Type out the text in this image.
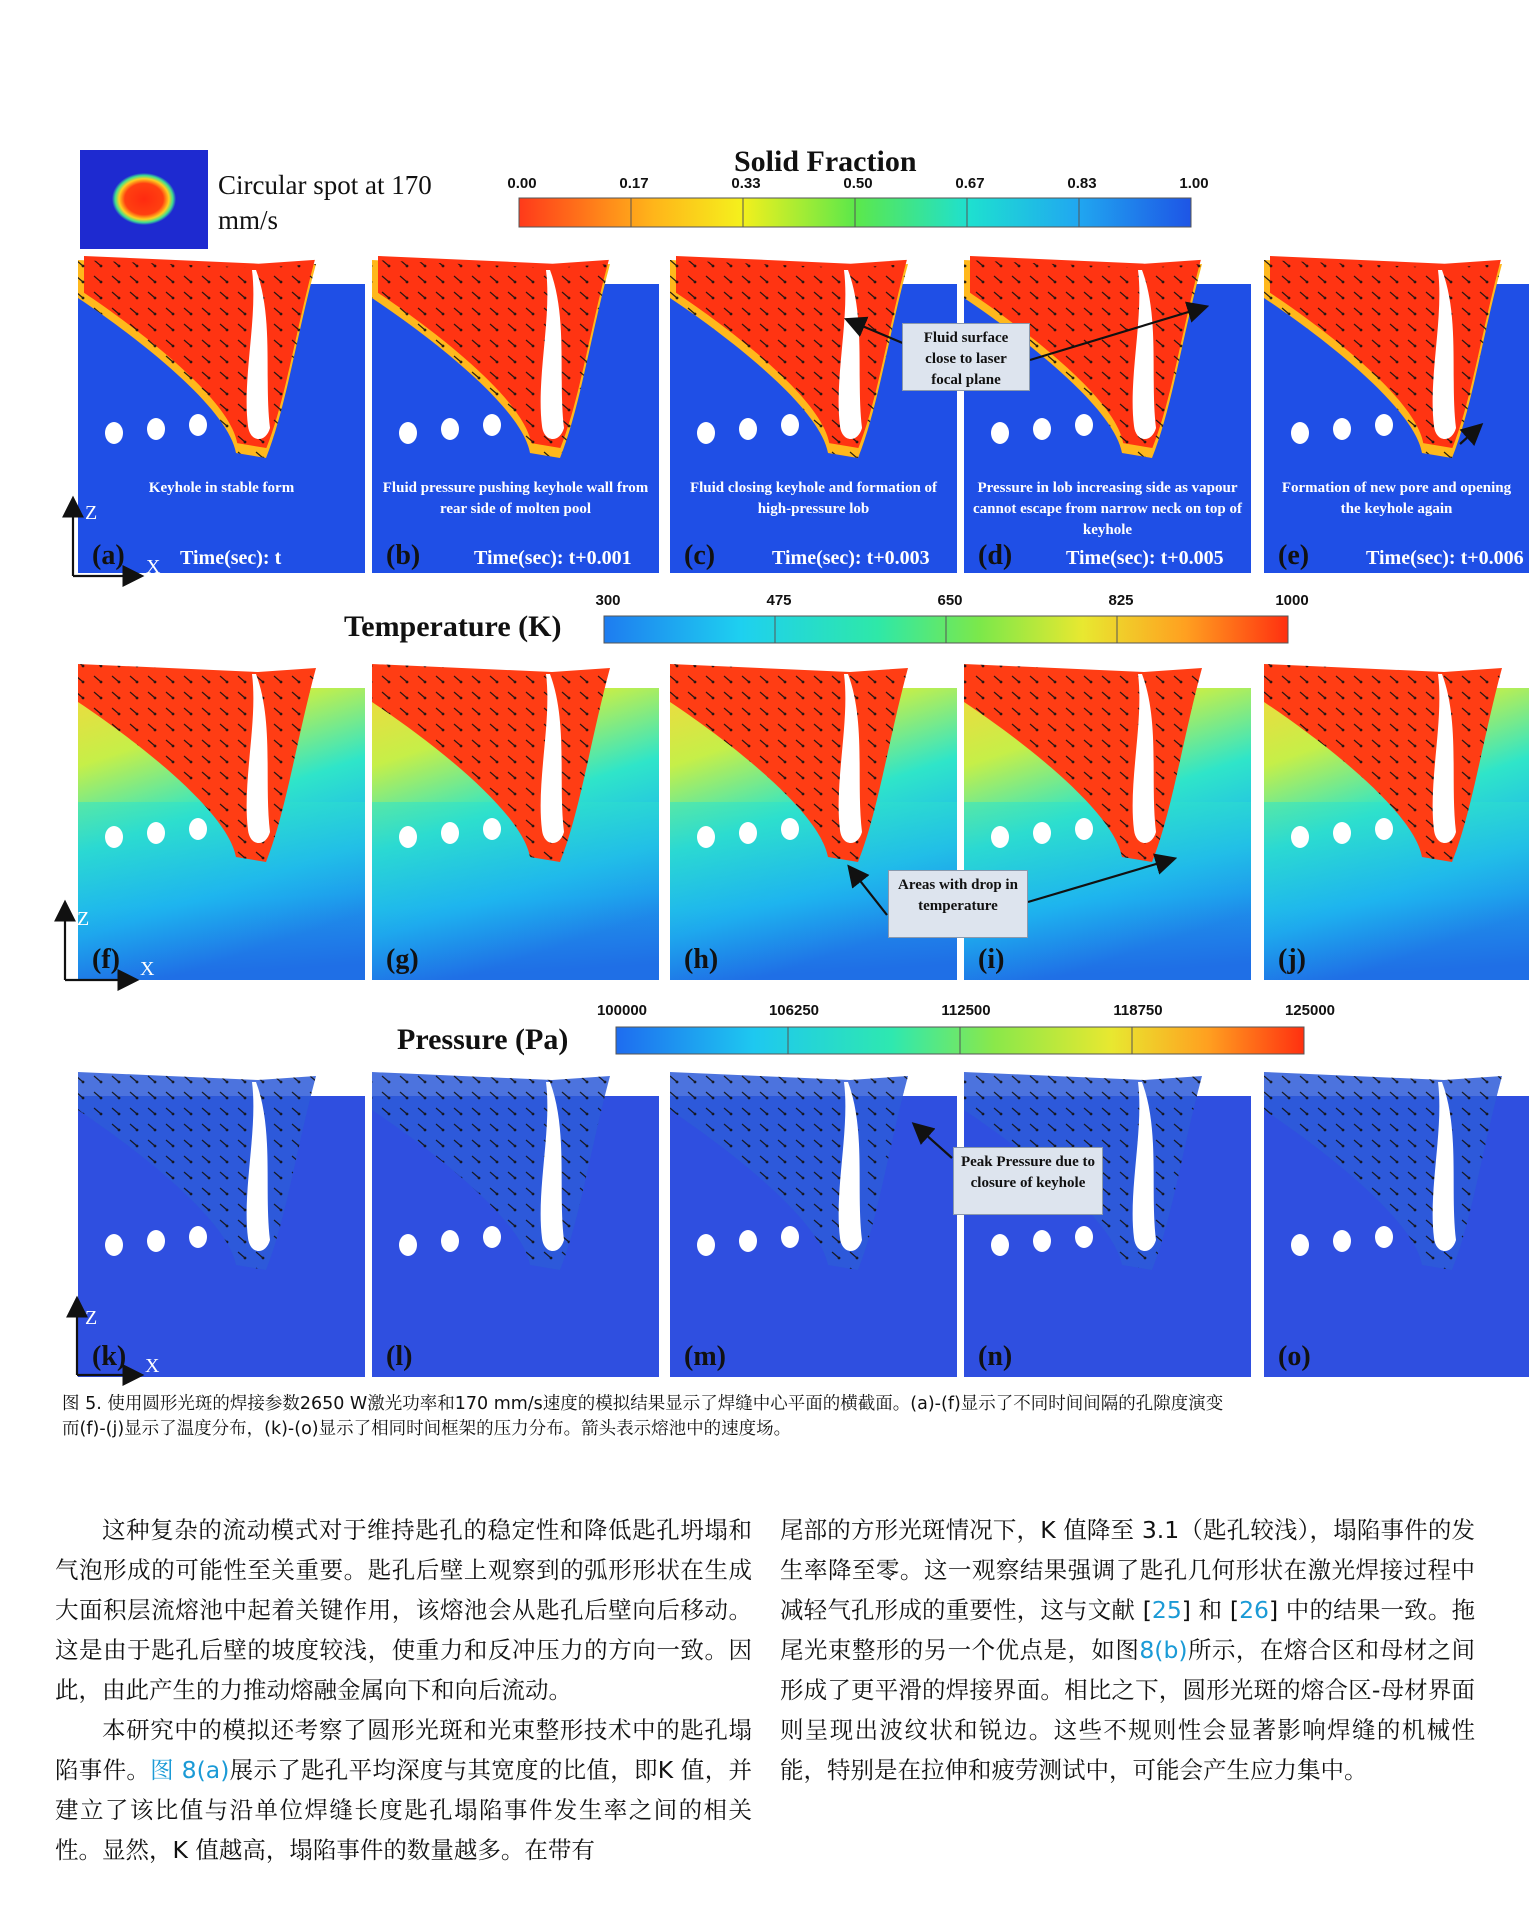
Circular spot at 170
mm/s
Solid Fraction
0.00	0.17	0.33	0.50	0.67	0.83	1.00
Temperature (K)
300	475	650	825	1000
Pressure (Pa)
100000	106250	112500	118750	125000
(a)	Time(sec): t
Keyhole in stable form
(b)	Time(sec): t+0.001
Fluid pressure pushing keyhole wall from rear side of molten pool
(c)	Time(sec): t+0.003
Fluid closing keyhole and formation of high-pressure lob
(d)	Time(sec): t+0.005
Pressure in lob increasing side as vapour cannot escape from narrow neck on top of keyhole
(e)	Time(sec): t+0.006
Formation of new pore and opening the keyhole again
(f)	(g)	(h)	(i)	(j)
(k)	(l)	(m)	(n)	(o)
Fluid surface close to laser focal plane
Areas with drop in temperature
Peak Pressure due to closure of keyhole
Z
X
Z
X
Z
X
图 5. 使用圆形光斑的焊接参数2650 W激光功率和170 mm/s速度的模拟结果显示了焊缝中心平面的横截面。(a)-(f)显示了不同时间间隔的孔隙度演变
而(f)-(j)显示了温度分布，(k)-(o)显示了相同时间框架的压力分布。箭头表示熔池中的速度场。

这种复杂的流动模式对于维持匙孔的稳定性和降低匙孔坍塌和气泡形成的可能性至关重要。匙孔后壁上观察到的弧形形状在生成大面积层流熔池中起着关键作用，该熔池会从匙孔后壁向后移动。这是由于匙孔后壁的坡度较浅，使重力和反冲压力的方向一致。因此，由此产生的力推动熔融金属向下和向后流动。

本研究中的模拟还考察了圆形光斑和光束整形技术中的匙孔塌陷事件。图 8(a)展示了匙孔平均深度与其宽度的比值，即K 值，并建立了该比值与沿单位焊缝长度匙孔塌陷事件发生率之间的相关性。显然，K 值越高，塌陷事件的数量越多。在带有

尾部的方形光斑情况下，K 值降至 3.1（匙孔较浅），塌陷事件的发生率降至零。这一观察结果强调了匙孔几何形状在激光焊接过程中减轻气孔形成的重要性，这与文献 [25] 和 [26] 中的结果一致。拖尾光束整形的另一个优点是，如图8(b)所示，在熔合区和母材之间形成了更平滑的焊接界面。相比之下，圆形光斑的熔合区-母材界面则呈现出波纹状和锐边。这些不规则性会显著影响焊缝的机械性能，特别是在拉伸和疲劳测试中，可能会产生应力集中。
